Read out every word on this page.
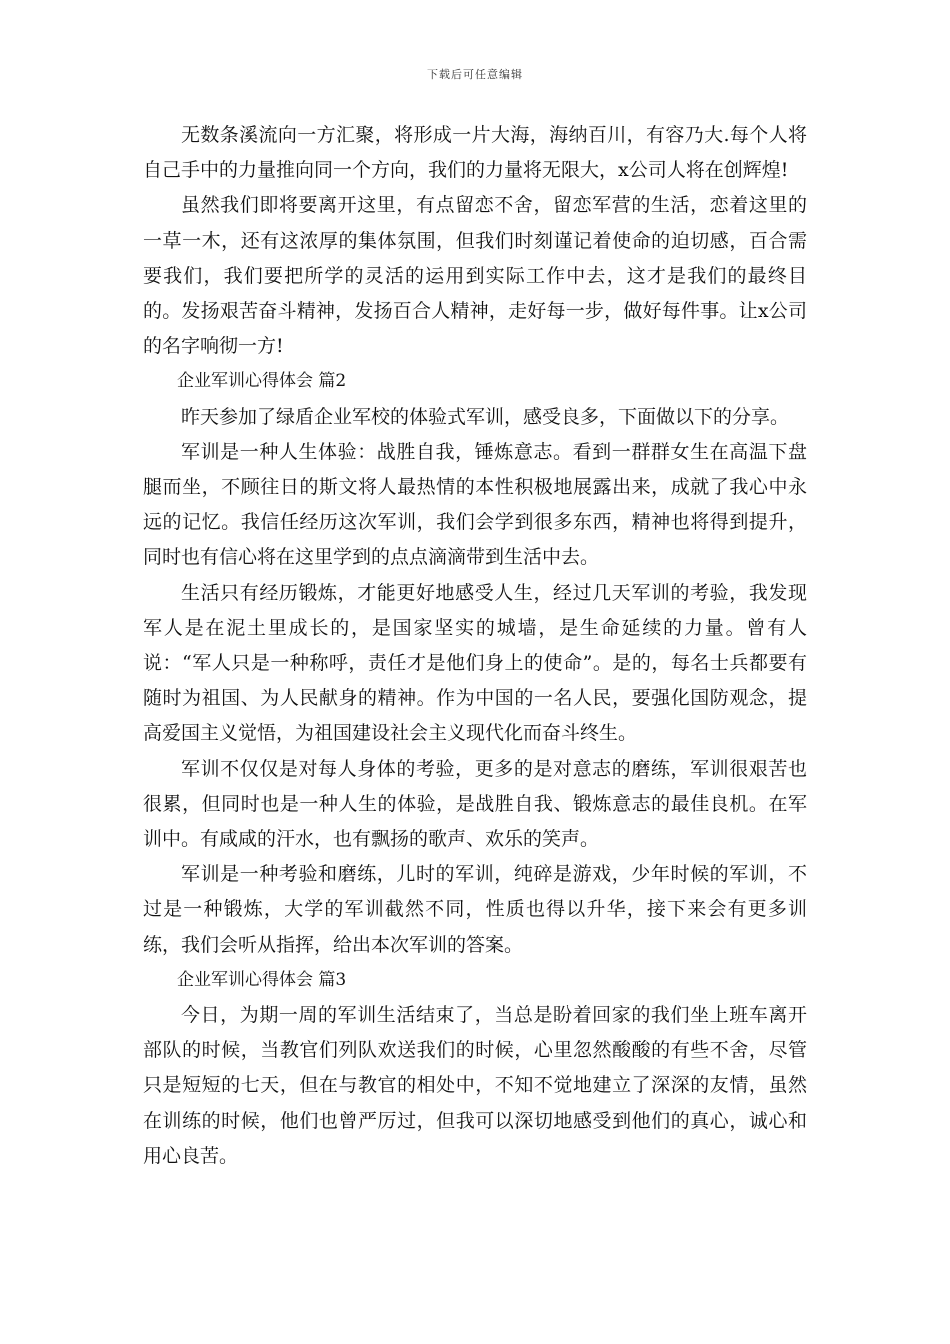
下载后可任意编辑

无数条溪流向一方汇聚，将形成一片大海，海纳百川，有容乃大.每个人将自己手中的力量推向同一个方向，我们的力量将无限大，x公司人将在创辉煌!

虽然我们即将要离开这里，有点留恋不舍，留恋军营的生活，恋着这里的一草一木，还有这浓厚的集体氛围，但我们时刻谨记着使命的迫切感，百合需要我们，我们要把所学的灵活的运用到实际工作中去，这才是我们的最终目的。发扬艰苦奋斗精神，发扬百合人精神，走好每一步，做好每件事。让x公司的名字响彻一方!

企业军训心得体会 篇2

昨天参加了绿盾企业军校的体验式军训，感受良多，下面做以下的分享。

军训是一种人生体验：战胜自我，锤炼意志。看到一群群女生在高温下盘腿而坐，不顾往日的斯文将人最热情的本性积极地展露出来，成就了我心中永远的记忆。我信任经历这次军训，我们会学到很多东西，精神也将得到提升，同时也有信心将在这里学到的点点滴滴带到生活中去。

生活只有经历锻炼，才能更好地感受人生，经过几天军训的考验，我发现军人是在泥土里成长的，是国家坚实的城墙，是生命延续的力量。曾有人说：“军人只是一种称呼，责任才是他们身上的使命”。是的，每名士兵都要有随时为祖国、为人民献身的精神。作为中国的一名人民，要强化国防观念，提高爱国主义觉悟，为祖国建设社会主义现代化而奋斗终生。

军训不仅仅是对每人身体的考验，更多的是对意志的磨练，军训很艰苦也很累，但同时也是一种人生的体验，是战胜自我、锻炼意志的最佳良机。在军训中。有咸咸的汗水，也有飘扬的歌声、欢乐的笑声。

军训是一种考验和磨练，儿时的军训，纯碎是游戏，少年时候的军训，不过是一种锻炼，大学的军训截然不同，性质也得以升华，接下来会有更多训练，我们会听从指挥，给出本次军训的答案。

企业军训心得体会 篇3

今日，为期一周的军训生活结束了，当总是盼着回家的我们坐上班车离开部队的时候，当教官们列队欢送我们的时候，心里忽然酸酸的有些不舍，尽管只是短短的七天，但在与教官的相处中，不知不觉地建立了深深的友情，虽然在训练的时候，他们也曾严厉过，但我可以深切地感受到他们的真心，诚心和用心良苦。
